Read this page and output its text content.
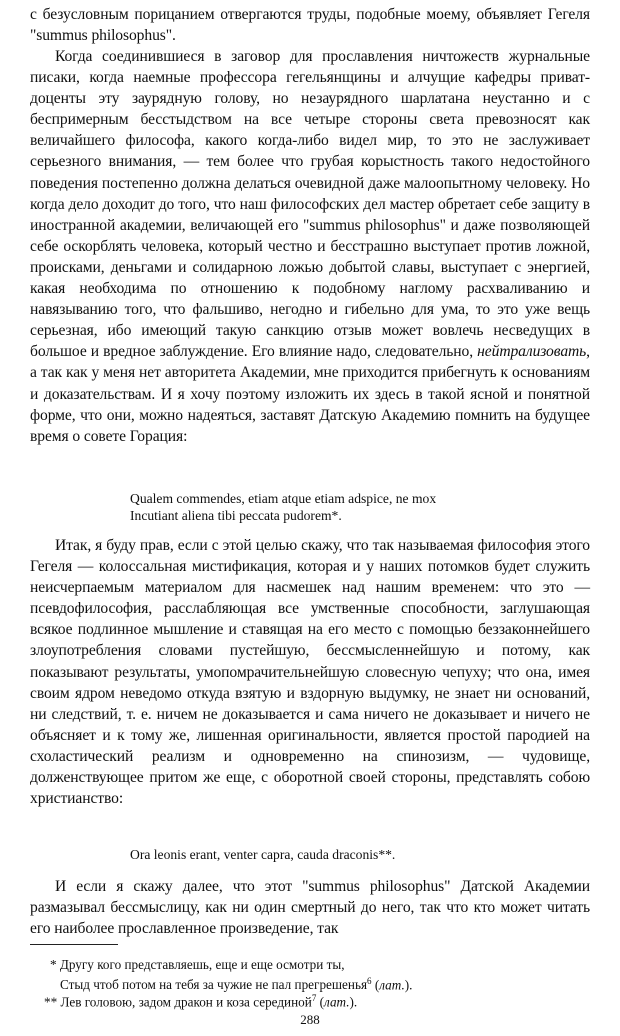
с безусловным порицанием отвергаются труды, подобные моему, объявляет Гегеля "summus philosophus".

Когда соединившиеся в заговор для прославления ничтожеств журнальные писаки, когда наемные профессора гегельянщины и алчущие кафедры приват-доценты эту заурядную голову, но незаурядного шарлатана неустанно и с беспримерным бесстыдством на все четыре стороны света превозносят как величайшего философа, какого когда-либо видел мир, то это не заслуживает серьезного внимания, — тем более что грубая корыстность такого недостойного поведения постепенно должна делаться очевидной даже малоопытному человеку. Но когда дело доходит до того, что наш философских дел мастер обретает себе защиту в иностранной академии, величающей его "summus philosophus" и даже позволяющей себе оскорблять человека, который честно и бесстрашно выступает против ложной, происками, деньгами и солидарною ложью добытой славы, выступает с энергией, какая необходима по отношению к подобному наглому расхваливанию и навязыванию того, что фальшиво, негодно и гибельно для ума, то это уже вещь серьезная, ибо имеющий такую санкцию отзыв может вовлечь несведущих в большое и вредное заблуждение. Его влияние надо, следовательно, нейтрализовать, а так как у меня нет авторитета Академии, мне приходится прибегнуть к основаниям и доказательствам. И я хочу поэтому изложить их здесь в такой ясной и понятной форме, что они, можно надеяться, заставят Датскую Академию помнить на будущее время о совете Горация:

Qualem commendes, etiam atque etiam adspice, ne mox
Incutiant aliena tibi peccata pudorem*.

Итак, я буду прав, если с этой целью скажу, что так называемая философия этого Гегеля — колоссальная мистификация, которая и у наших потомков будет служить неисчерпаемым материалом для насмешек над нашим временем: что это — псевдофилософия, расслабляющая все умственные способности, заглушающая всякое подлинное мышление и ставящая на его место с помощью беззаконнейшего злоупотребления словами пустейшую, бессмысленнейшую и потому, как показывают результаты, умопомрачительнейшую словесную чепуху; что она, имея своим ядром неведомо откуда взятую и вздорную выдумку, не знает ни оснований, ни следствий, т. е. ничем не доказывается и сама ничего не доказывает и ничего не объясняет и к тому же, лишенная оригинальности, является простой пародией на схоластический реализм и одновременно на спинозизм, — чудовище, долженствующее притом же еще, с оборотной своей стороны, представлять собою христианство:

Ora leonis erant, venter capra, cauda draconis**.

И если я скажу далее, что этот "summus philosophus" Датской Академии размазывал бессмыслицу, как ни один смертный до него, так что кто может читать его наиболее прославленное произведение, так

* Другу кого представляешь, еще и еще осмотри ты,
Стыд чтоб потом на тебя за чужие не пал прегрешенья$^6$ (лат.).
** Лев головою, задом дракон и коза серединой$^7$ (лат.).
288
